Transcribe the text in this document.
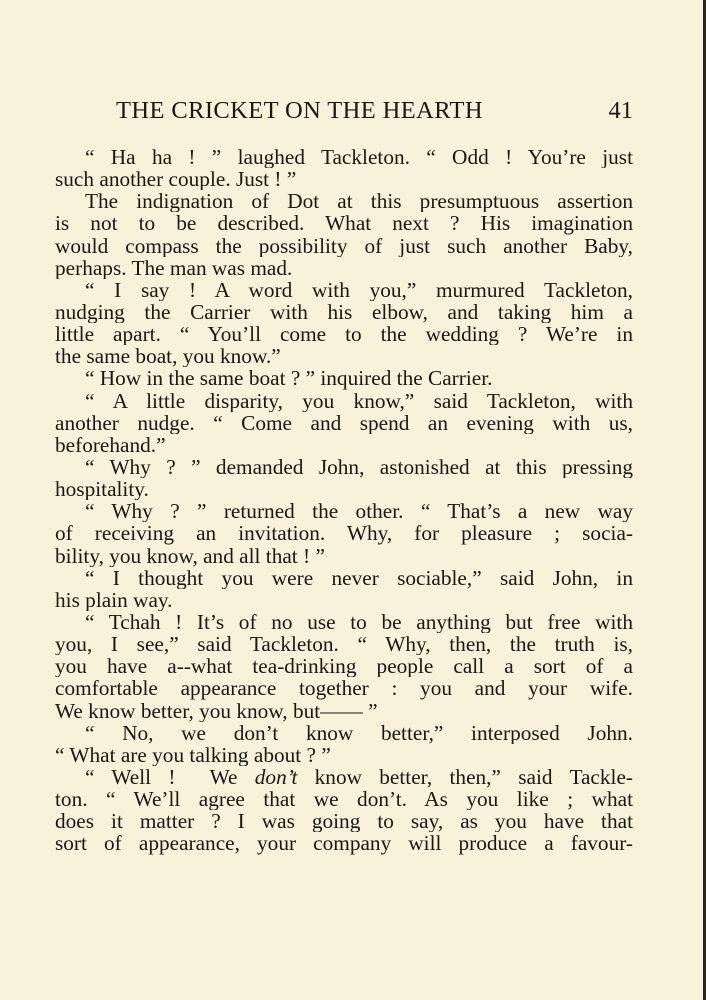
THE CRICKET ON THE HEARTH	41
“ Ha ha ! ” laughed Tackleton. “ Odd ! You’re just
such another couple. Just ! ”
The indignation of Dot at this presumptuous assertion
is not to be described. What next ? His imagination
would compass the possibility of just such another Baby,
perhaps. The man was mad.
“ I say ! A word with you,” murmured Tackleton,
nudging the Carrier with his elbow, and taking him a
little apart. “ You’ll come to the wedding ? We’re in
the same boat, you know.”
“ How in the same boat ? ” inquired the Carrier.
“ A little disparity, you know,” said Tackleton, with
another nudge. “ Come and spend an evening with us,
beforehand.”
“ Why ? ” demanded John, astonished at this pressing
hospitality.
“ Why ? ” returned the other. “ That’s a new way
of receiving an invitation. Why, for pleasure ; socia-
bility, you know, and all that ! ”
“ I thought you were never sociable,” said John, in
his plain way.
“ Tchah ! It’s of no use to be anything but free with
you, I see,” said Tackleton. “ Why, then, the truth is,
you have a--what tea-drinking people call a sort of a
comfortable appearance together : you and your wife.
We know better, you know, but—— ”
“ No, we don’t know better,” interposed John.
“ What are you talking about ? ”
“ Well !  We don’t know better, then,” said Tackle-
ton. “ We’ll agree that we don’t. As you like ; what
does it matter ? I was going to say, as you have that
sort of appearance, your company will produce a favour-
